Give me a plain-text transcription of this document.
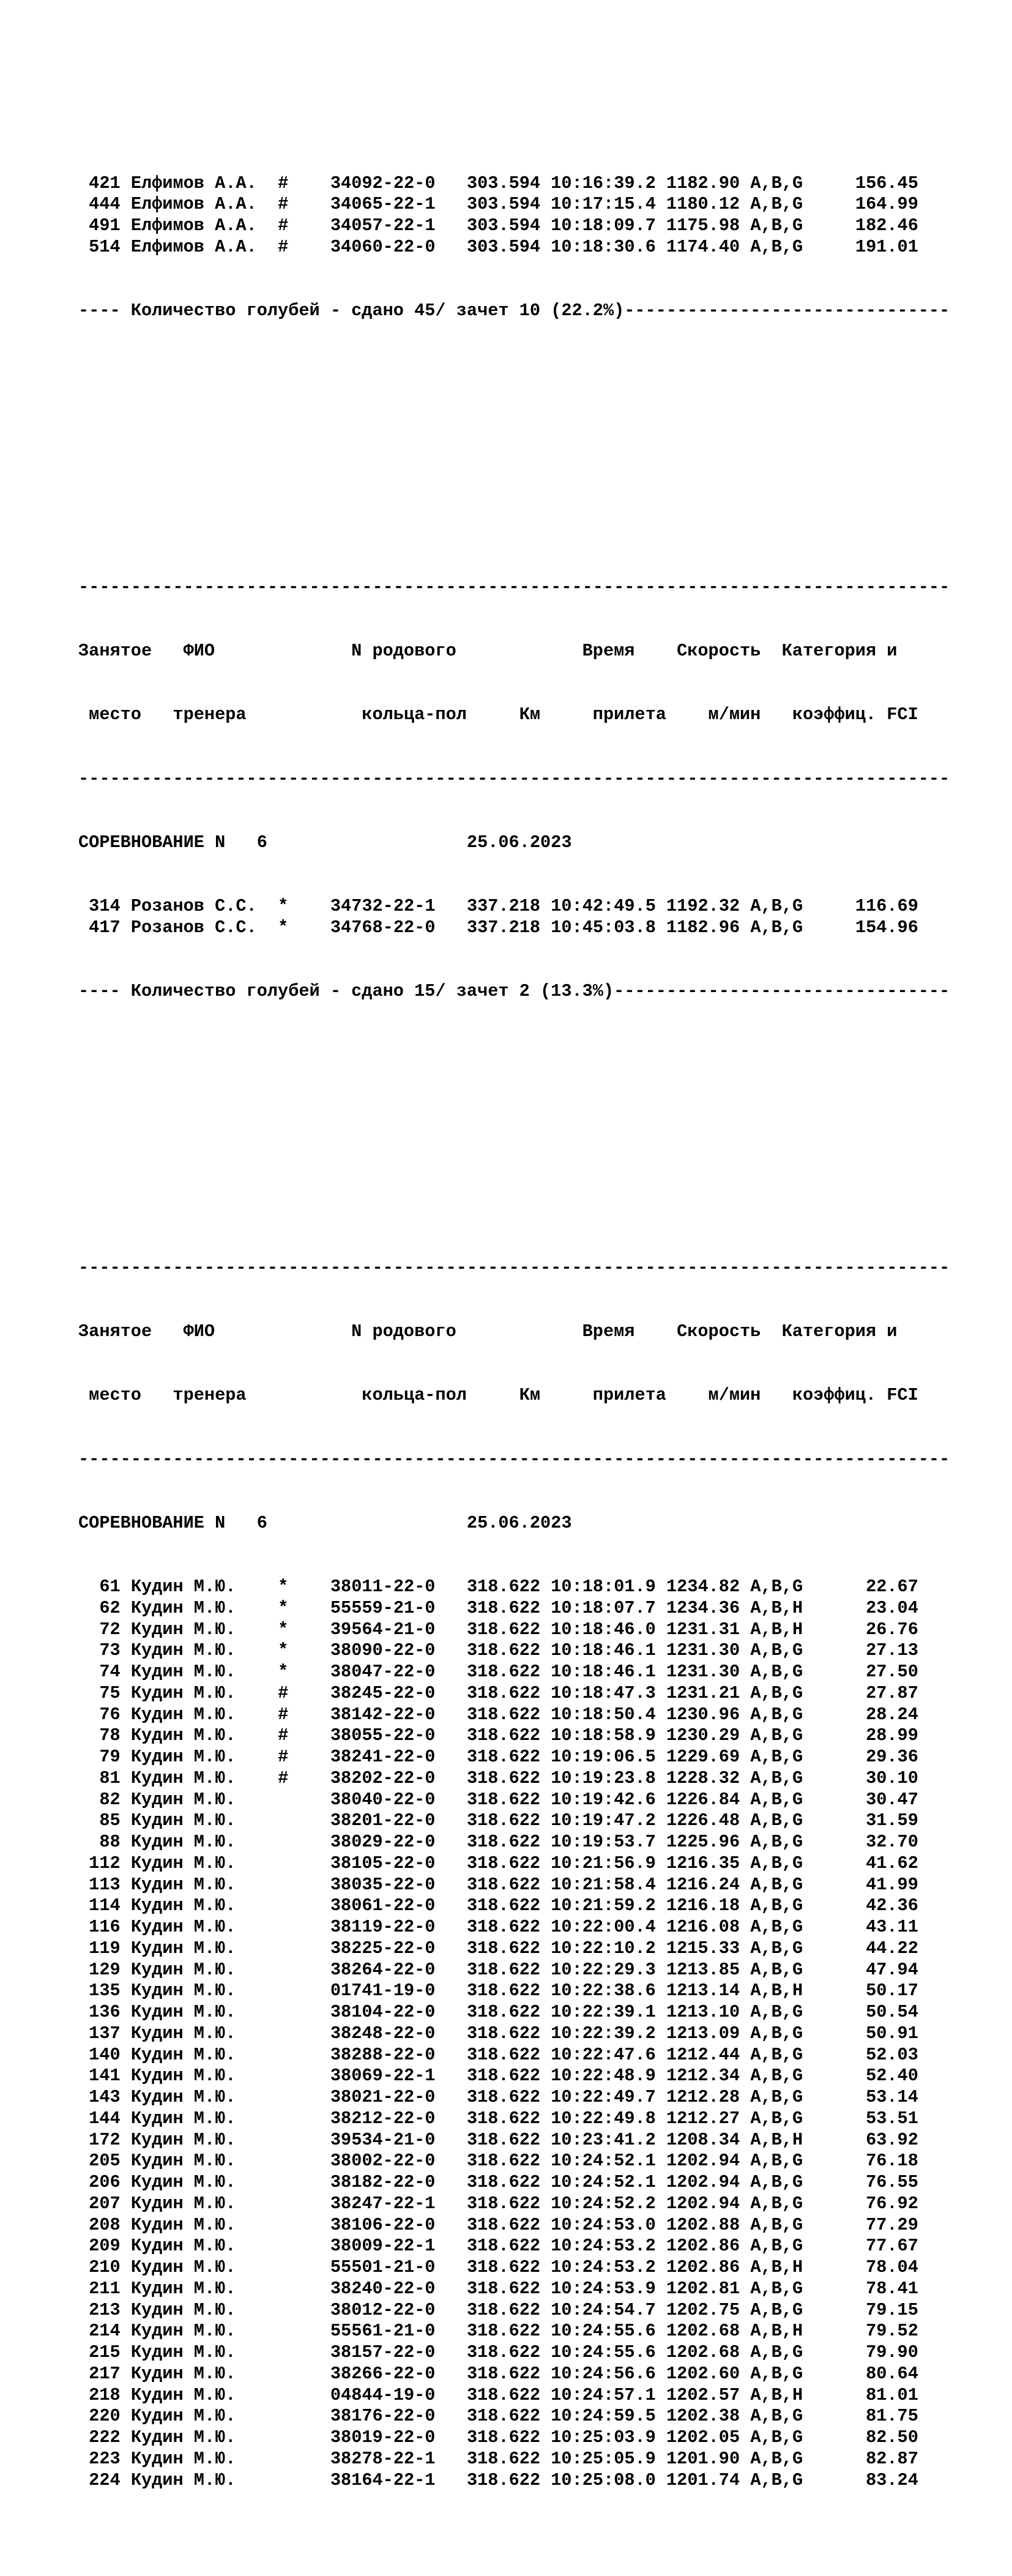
421 Елфимов А.А. # 34092-22-0 303.594 10:16:39.2 1182.90 A,B,G	156.45
444 Елфимов А.А. # 34065-22-1 303.594 10:17:15.4 1180.12 A,B,G	164.99
491 Елфимов А.А. # 34057-22-1 303.594 10:18:09.7 1175.98 A,B,G	182.46
514 Елфимов А.А. # 34060-22-0 303.594 10:18:30.6 1174.40 A,B,G	191.01

---- Количество голубей - сдано 45/ зачет 10 (22.2%)-------------------------------

-----------------------------------------------------------------------------------

Занятое   ФИО             N родового            Время    Скорость  Категория и

место   тренера           кольца-пол     Км     прилета    м/мин   коэффиц. FCI

-----------------------------------------------------------------------------------

СОРЕВНОВАНИЕ N   6	25.06.2023

314 Розанов С.С. * 34732-22-1 337.218 10:42:49.5 1192.32 A,B,G	116.69
417 Розанов С.С. * 34768-22-0 337.218 10:45:03.8 1182.96 A,B,G	154.96

---- Количество голубей - сдано 15/ зачет 2 (13.3%)--------------------------------

-----------------------------------------------------------------------------------

Занятое   ФИО             N родового            Время    Скорость  Категория и

место   тренера           кольца-пол     Км     прилета    м/мин   коэффиц. FCI

-----------------------------------------------------------------------------------

СОРЕВНОВАНИЕ N   6	25.06.2023

61 Кудин М.Ю. * 38011-22-0 318.622 10:18:01.9 1234.82 A,B,G	22.67
62 Кудин М.Ю. * 55559-21-0 318.622 10:18:07.7 1234.36 A,B,H	23.04
72 Кудин М.Ю. * 39564-21-0 318.622 10:18:46.0 1231.31 A,B,H	26.76
73 Кудин М.Ю. * 38090-22-0 318.622 10:18:46.1 1231.30 A,B,G	27.13
74 Кудин М.Ю. * 38047-22-0 318.622 10:18:46.1 1231.30 A,B,G	27.50
75 Кудин М.Ю. # 38245-22-0 318.622 10:18:47.3 1231.21 A,B,G	27.87
76 Кудин М.Ю. # 38142-22-0 318.622 10:18:50.4 1230.96 A,B,G	28.24
78 Кудин М.Ю. # 38055-22-0 318.622 10:18:58.9 1230.29 A,B,G	28.99
79 Кудин М.Ю. # 38241-22-0 318.622 10:19:06.5 1229.69 A,B,G	29.36
81 Кудин М.Ю. # 38202-22-0 318.622 10:19:23.8 1228.32 A,B,G	30.10
82 Кудин М.Ю.	38040-22-0 318.622 10:19:42.6 1226.84 A,B,G	30.47
85 Кудин М.Ю.	38201-22-0 318.622 10:19:47.2 1226.48 A,B,G	31.59
88 Кудин М.Ю.	38029-22-0 318.622 10:19:53.7 1225.96 A,B,G	32.70
112 Кудин М.Ю.	38105-22-0 318.622 10:21:56.9 1216.35 A,B,G	41.62
113 Кудин М.Ю.	38035-22-0 318.622 10:21:58.4 1216.24 A,B,G	41.99
114 Кудин М.Ю.	38061-22-0 318.622 10:21:59.2 1216.18 A,B,G	42.36
116 Кудин М.Ю.	38119-22-0 318.622 10:22:00.4 1216.08 A,B,G	43.11
119 Кудин М.Ю.	38225-22-0 318.622 10:22:10.2 1215.33 A,B,G	44.22
129 Кудин М.Ю.	38264-22-0 318.622 10:22:29.3 1213.85 A,B,G	47.94
135 Кудин М.Ю.	01741-19-0 318.622 10:22:38.6 1213.14 A,B,H	50.17
136 Кудин М.Ю.	38104-22-0 318.622 10:22:39.1 1213.10 A,B,G	50.54
137 Кудин М.Ю.	38248-22-0 318.622 10:22:39.2 1213.09 A,B,G	50.91
140 Кудин М.Ю.	38288-22-0 318.622 10:22:47.6 1212.44 A,B,G	52.03
141 Кудин М.Ю.	38069-22-1 318.622 10:22:48.9 1212.34 A,B,G	52.40
143 Кудин М.Ю.	38021-22-0 318.622 10:22:49.7 1212.28 A,B,G	53.14
144 Кудин М.Ю.	38212-22-0 318.622 10:22:49.8 1212.27 A,B,G	53.51
172 Кудин М.Ю.	39534-21-0 318.622 10:23:41.2 1208.34 A,B,H	63.92
205 Кудин М.Ю.	38002-22-0 318.622 10:24:52.1 1202.94 A,B,G	76.18
206 Кудин М.Ю.	38182-22-0 318.622 10:24:52.1 1202.94 A,B,G	76.55
207 Кудин М.Ю.	38247-22-1 318.622 10:24:52.2 1202.94 A,B,G	76.92
208 Кудин М.Ю.	38106-22-0 318.622 10:24:53.0 1202.88 A,B,G	77.29
209 Кудин М.Ю.	38009-22-1 318.622 10:24:53.2 1202.86 A,B,G	77.67
210 Кудин М.Ю.	55501-21-0 318.622 10:24:53.2 1202.86 A,B,H	78.04
211 Кудин М.Ю.	38240-22-0 318.622 10:24:53.9 1202.81 A,B,G	78.41
213 Кудин М.Ю.	38012-22-0 318.622 10:24:54.7 1202.75 A,B,G	79.15
214 Кудин М.Ю.	55561-21-0 318.622 10:24:55.6 1202.68 A,B,H	79.52
215 Кудин М.Ю.	38157-22-0 318.622 10:24:55.6 1202.68 A,B,G	79.90
217 Кудин М.Ю.	38266-22-0 318.622 10:24:56.6 1202.60 A,B,G	80.64
218 Кудин М.Ю.	04844-19-0 318.622 10:24:57.1 1202.57 A,B,H	81.01
220 Кудин М.Ю.	38176-22-0 318.622 10:24:59.5 1202.38 A,B,G	81.75
222 Кудин М.Ю.	38019-22-0 318.622 10:25:03.9 1202.05 A,B,G	82.50
223 Кудин М.Ю.	38278-22-1 318.622 10:25:05.9 1201.90 A,B,G	82.87
224 Кудин М.Ю.	38164-22-1 318.622 10:25:08.0 1201.74 A,B,G	83.24
